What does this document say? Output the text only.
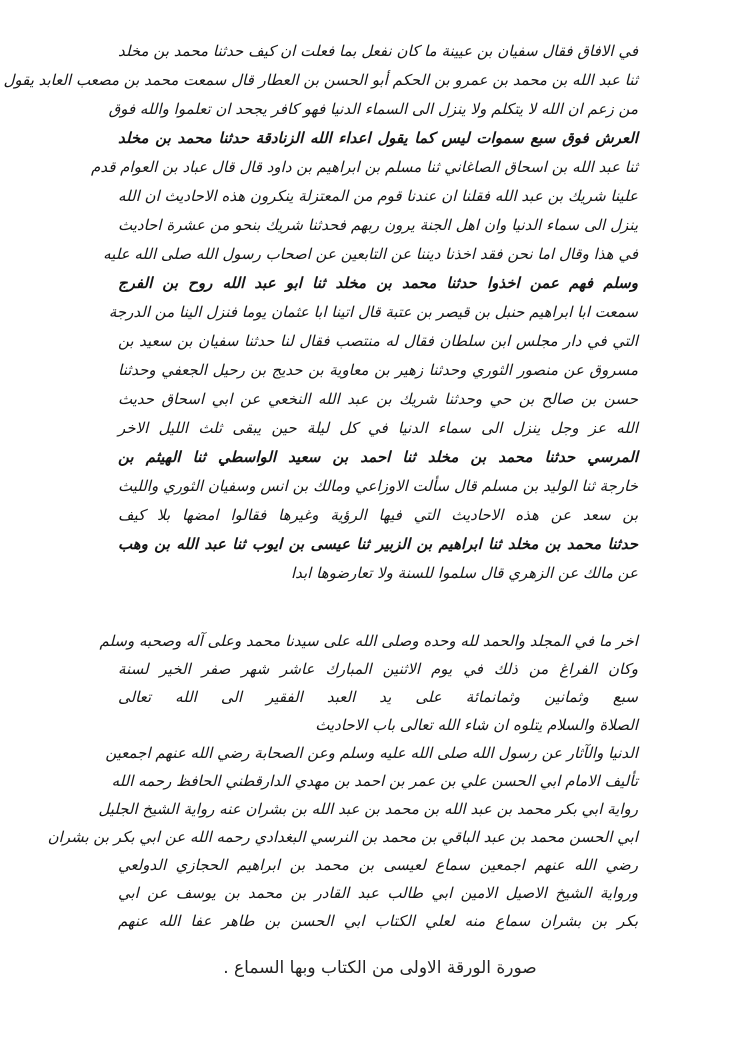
في الافاق فقال سفيان بن عيينة ما كان نفعل بما فعلت ان كيف حدثنا محمد بن مخلد
ثنا عبد الله بن محمد بن عمرو بن الحكم أبو الحسن بن العطار قال سمعت محمد بن مصعب العابد يقول
من زعم ان الله لا يتكلم ولا ينزل الى السماء الدنيا فهو كافر يجحد ان تعلموا والله فوق
العرش فوق سبع سموات ليس كما يقول اعداء الله الزنادقة حدثنا محمد بن مخلد
ثنا عبد الله بن اسحاق الصاغاني ثنا مسلم بن ابراهيم بن داود قال قال عباد بن العوام قدم
علينا شريك بن عبد الله فقلنا ان عندنا قوم من المعتزلة ينكرون هذه الاحاديث ان الله
ينزل الى سماء الدنيا وان اهل الجنة يرون ربهم فحدثنا شريك بنحو من عشرة احاديث
في هذا وقال اما نحن فقد اخذنا ديننا عن التابعين عن اصحاب رسول الله صلى الله عليه
وسلم فهم عمن اخذوا حدثنا محمد بن مخلد ثنا ابو عبد الله روح بن الفرج
سمعت ابا ابراهيم حنبل بن قيصر بن عتبة قال اتينا ابا عثمان يوما فنزل الينا من الدرجة
التي في دار مجلس ابن سلطان فقال له منتصب فقال لنا حدثنا سفيان بن سعيد بن
مسروق عن منصور الثوري وحدثنا زهير بن معاوية بن حديج بن رحيل الجعفي وحدثنا
حسن بن صالح بن حي وحدثنا شريك بن عبد الله النخعي عن ابي اسحاق حديث
الله عز وجل ينزل الى سماء الدنيا في كل ليلة حين يبقى ثلث الليل الاخر
المرسي حدثنا محمد بن مخلد ثنا احمد بن سعيد الواسطي ثنا الهيثم بن
خارجة ثنا الوليد بن مسلم قال سألت الاوزاعي ومالك بن انس وسفيان الثوري والليث
بن سعد عن هذه الاحاديث التي فيها الرؤية وغيرها فقالوا امضها بلا كيف
حدثنا محمد بن مخلد ثنا ابراهيم بن الزبير ثنا عيسى بن ايوب ثنا عبد الله بن وهب
عن مالك عن الزهري قال سلموا للسنة ولا تعارضوها ابدا
اخر ما في المجلد والحمد لله وحده وصلى الله على سيدنا محمد وعلى آله وصحبه وسلم
وكان الفراغ من ذلك في يوم الاثنين المبارك عاشر شهر صفر الخير لسنة
سبع وثمانين وثمانمائة على يد العبد الفقير الى الله تعالى
الصلاة والسلام يتلوه ان شاء الله تعالى باب الاحاديث
الدنيا والآثار عن رسول الله صلى الله عليه وسلم وعن الصحابة رضي الله عنهم اجمعين
تأليف الامام ابي الحسن علي بن عمر بن احمد بن مهدي الدارقطني الحافظ رحمه الله
رواية ابي بكر محمد بن عبد الله بن محمد بن عبد الله بن بشران عنه رواية الشيخ الجليل
ابي الحسن محمد بن عبد الباقي بن محمد بن النرسي البغدادي رحمه الله عن ابي بكر بن بشران
رضي الله عنهم اجمعين سماع لعيسى بن محمد بن ابراهيم الحجازي الدولعي
ورواية الشيخ الاصيل الامين ابي طالب عبد القادر بن محمد بن يوسف عن ابي
بكر بن بشران سماع منه لعلي الكتاب ابي الحسن بن طاهر عفا الله عنهم
صورة الورقة الاولى من الكتاب وبها السماع .
